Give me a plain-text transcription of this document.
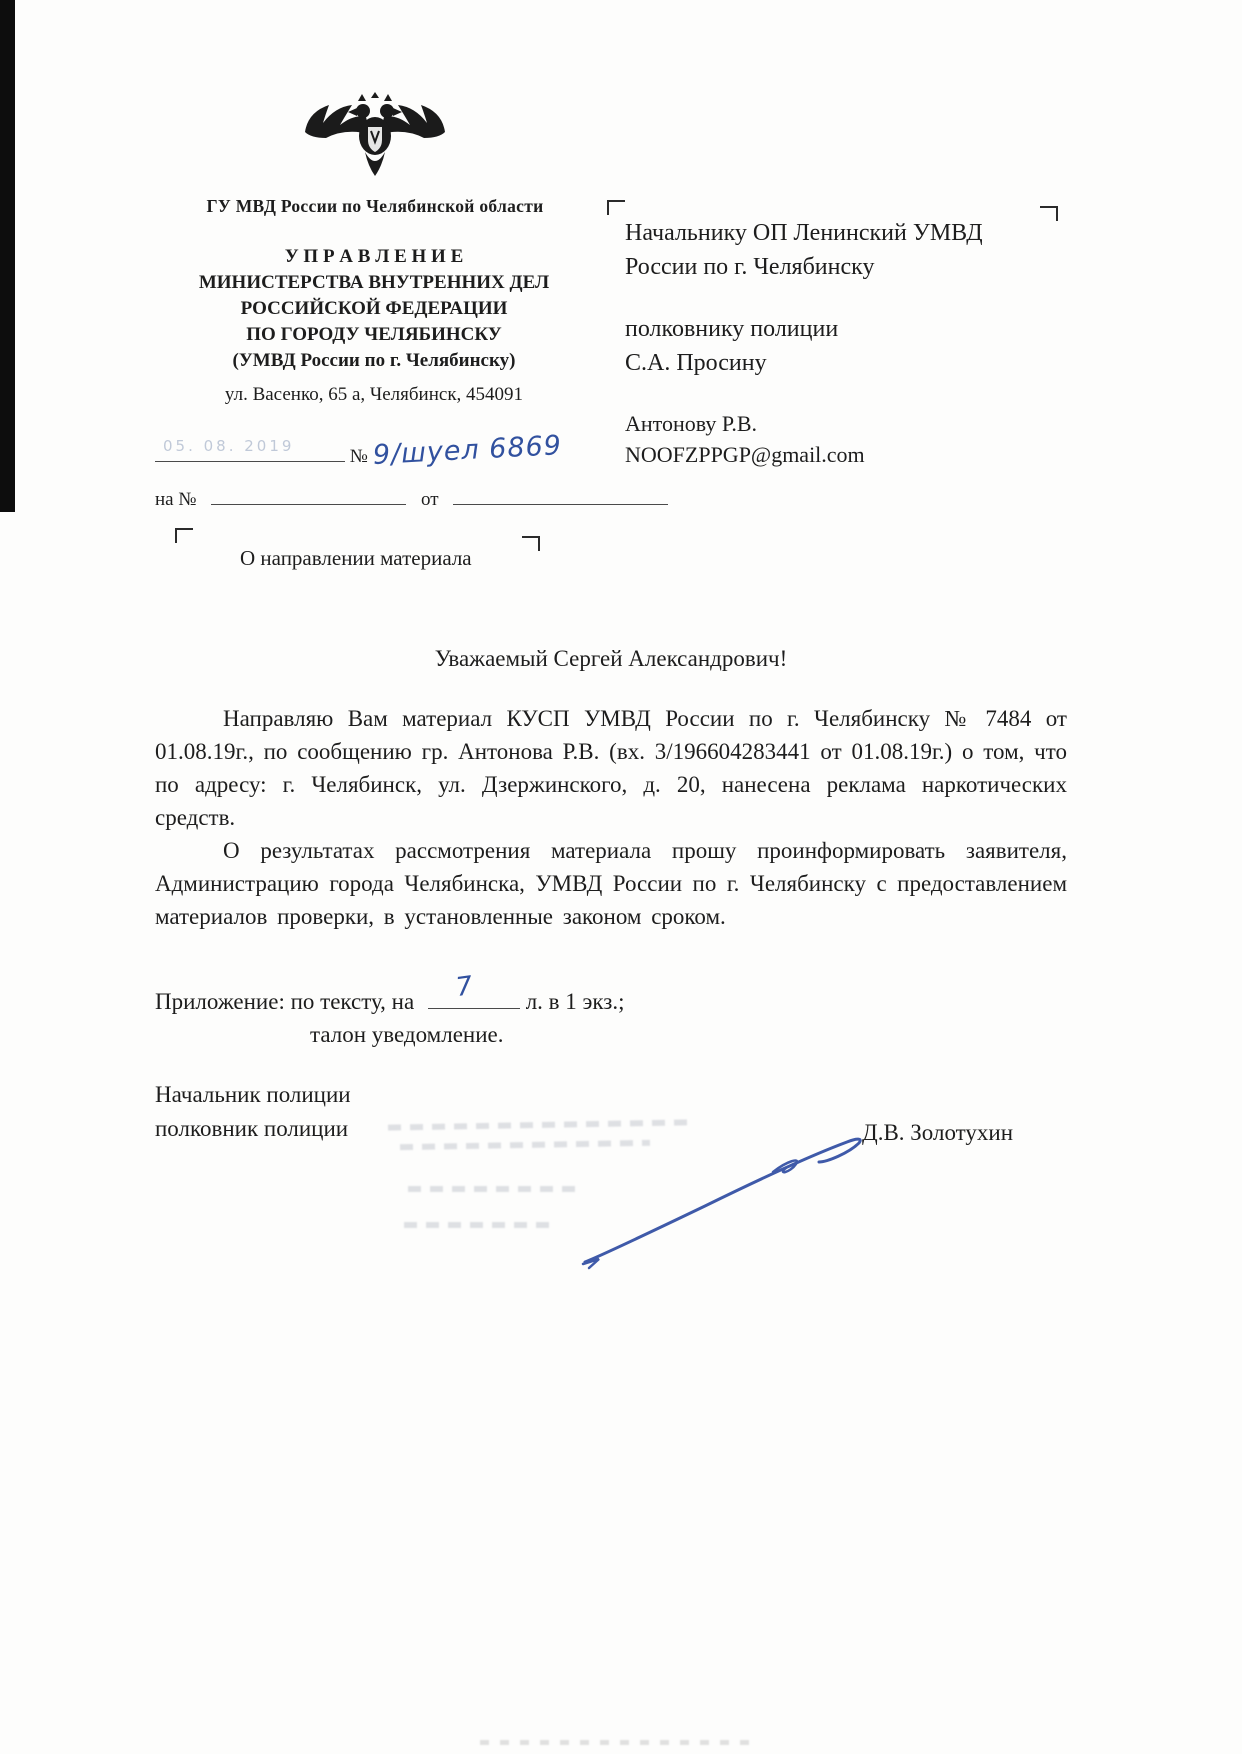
ГУ МВД России по Челябинской области
У П Р А В Л Е Н И Е
МИНИСТЕРСТВА ВНУТРЕННИХ ДЕЛ
РОССИЙСКОЙ ФЕДЕРАЦИИ
ПО ГОРОДУ ЧЕЛЯБИНСКУ
(УМВД России по г. Челябинску)
ул. Васенко, 65 а, Челябинск, 454091
05. 08. 2019	№ 9/шуел 6869
на №	от
О направлении материала
Начальнику ОП Ленинский УМВД
России по г. Челябинску
полковнику полиции
С.А. Просину
Антонову Р.В.
NOOFZPPGP@gmail.com
Уважаемый Сергей Александрович!

Направляю Вам материал КУСП УМВД России по г. Челябинску № 7484 от 01.08.19г., по сообщению гр. Антонова Р.В. (вх. 3/196604283441 от 01.08.19г.) о том, что по адресу: г. Челябинск, ул. Дзержинского, д. 20, нанесена реклама наркотических средств.

О результатах рассмотрения материала прошу проинформировать заявителя, Администрацию города Челябинска, УМВД России по г. Челябинску с предоставлением материалов проверки, в установленные законом сроком.

Приложение: по тексту, на 7 л. в 1 экз.;
талон уведомление.
Начальник полиции
полковник полиции	Д.В. Золотухин
